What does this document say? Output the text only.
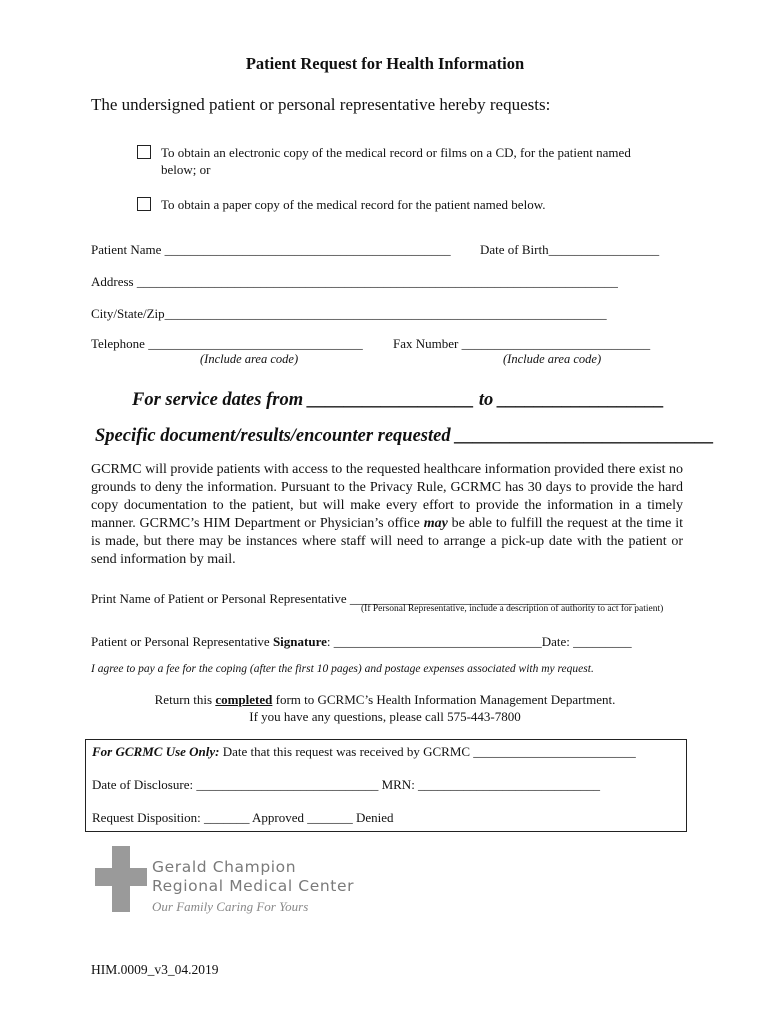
Patient Request for Health Information
The undersigned patient or personal representative hereby requests:
To obtain an electronic copy of the medical record or films on a CD, for the patient named
below; or
To obtain a paper copy of the medical record for the patient named below.
Patient Name ____________________________________________ Date of Birth_________________
Address __________________________________________________________________________
City/State/Zip____________________________________________________________________
Telephone _________________________________ Fax Number _____________________________
(Include area code)	(Include area code)
For service dates from __________________ to __________________
Specific document/results/encounter requested ____________________________
GCRMC will provide patients with access to the requested healthcare information provided there exist no grounds to deny the information. Pursuant to the Privacy Rule, GCRMC has 30 days to provide the hard copy documentation to the patient, but will make every effort to provide the information in a timely manner. GCRMC’s HIM Department or Physician’s office may be able to fulfill the request at the time it is made, but there may be instances where staff will need to arrange a pick-up date with the patient or send information by mail.
Print Name of Patient or Personal Representative ____________________________________________
(If Personal Representative, include a description of authority to act for patient)
Patient or Personal Representative Signature: ________________________________Date: _________
I agree to pay a fee for the coping (after the first 10 pages) and postage expenses associated with my request.
Return this completed form to GCRMC’s Health Information Management Department.
If you have any questions, please call 575-443-7800
For GCRMC Use Only: Date that this request was received by GCRMC _________________________
Date of Disclosure: ____________________________ MRN: ____________________________
Request Disposition: _______ Approved _______ Denied
Gerald Champion
Regional Medical Center
Our Family Caring For Yours
HIM.0009_v3_04.2019
